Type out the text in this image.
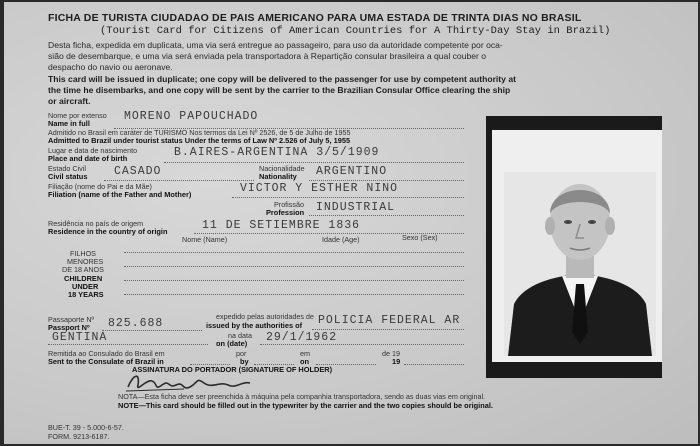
FICHA DE TURISTA CIUDADAO DE PAIS AMERICANO PARA UMA ESTADA DE TRINTA DIAS NO BRASIL
(Tourist Card for Citizens of American Countries for A Thirty-Day Stay in Brazil)
Desta ficha, expedida em duplicata, uma via será entregue ao passageiro, para uso da autoridade competente por oca-
sião de desembarque, e uma via será enviada pela transportadora à Repartição consular brasileira a qual couber o
despacho do navio ou aeronave.
This card will be issued in duplicate; one copy will be delivered to the passenger for use by competent authority at
the time he disembarks, and one copy will be sent by the carrier to the Brazilian Consular Office clearing the ship
or aircraft.
Nome por extenso
Name in full
MORENO PAPOUCHADO
Admitido no Brasil em caráter de TURISMO Nos termos da Lei Nº 2526, de 5 de Julho de 1955
Admitted to Brazil under tourist status Under the terms of Law Nº 2.526 of July 5, 1955
Lugar e data de nascimento
Place and date of birth	B.AIRES-ARGENTINA 3/5/1909
Estado Civil
Civil status CASADO	Nacionalidade
Nationality ARGENTINO
Filiação (nome do Pai e da Mãe)
Filiation (name of the Father and Mother)	VICTOR Y ESTHER NINO
Profissão
Profession INDUSTRIAL
Residência no país de origem
Residence in the country of origin	11 DE SETIEMBRE 1836
Nome (Name)	Idade (Age)	Sexo (Sex)
FILHOS
MENORES
DE 18 ANOS
CHILDREN
UNDER
18 YEARS
Passaporte Nº
Passport Nº 825.688
expedido pelas autoridades de
issued by the authorities of POLICIA FEDERAL AR
GENTINA	na data
on (date) 29/1/1962
Remitida ao Consulado do Brasil em
Sent to the Consulate of Brazil in
por
by
em
on
de 19
19
ASSINATURA DO PORTADOR (SIGNATURE OF HOLDER)
NOTA—Esta ficha deve ser preenchida à máquina pela companhia transportadora, sendo as duas vias em original.
NOTE—This card should be filled out in the typewriter by the carrier and the two copies should be original.
BUE-T. 39 - 5.000-6-57.
FORM. 9213-6187.
